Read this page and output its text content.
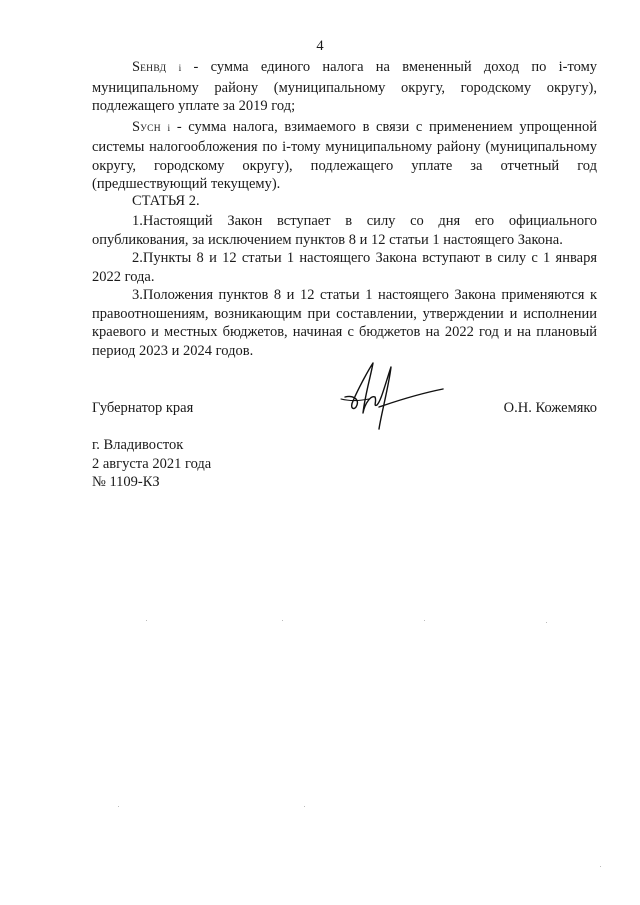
4

SЕНВД i - сумма единого налога на вмененный доход по i-тому муниципальному району (муниципальному округу, городскому округу), подлежащего уплате за 2019 год;

SУСН i - сумма налога, взимаемого в связи с применением упрощенной системы налогообложения по i-тому муниципальному району (муниципальному округу, городскому округу), подлежащего уплате за отчетный год (предшествующий текущему).

СТАТЬЯ 2.

1.Настоящий Закон вступает в силу со дня его официального опубликования, за исключением пунктов 8 и 12 статьи 1 настоящего Закона.

2.Пункты 8 и 12 статьи 1 настоящего Закона вступают в силу с 1 января 2022 года.

3.Положения пунктов 8 и 12 статьи 1 настоящего Закона применяются к правоотношениям, возникающим при составлении, утверждении и исполнении краевого и местных бюджетов, начиная с бюджетов на 2022 год и на плановый период 2023 и 2024 годов.

Губернатор края	О.Н. Кожемяко
г. Владивосток
2 августа 2021 года
№ 1109-КЗ
